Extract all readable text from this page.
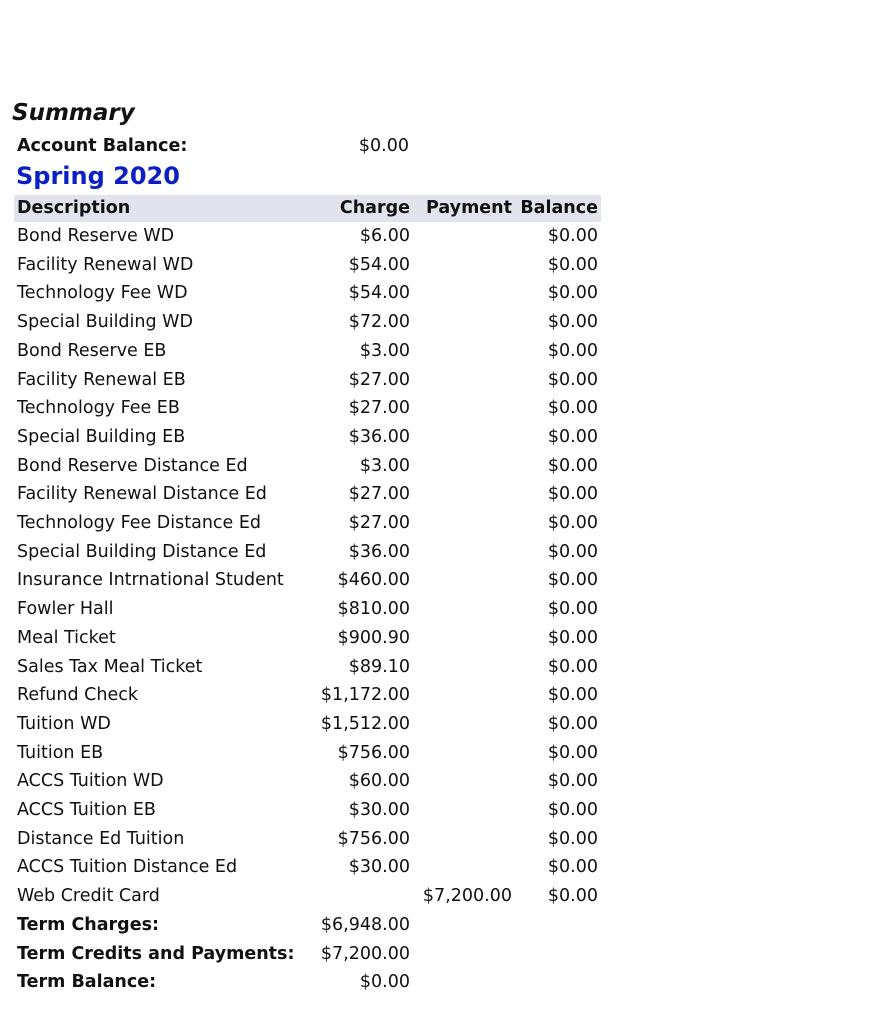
Summary
Account Balance:	$0.00
Spring 2020
Description	Charge	Payment	Balance
Bond Reserve WD	$6.00		$0.00
Facility Renewal WD	$54.00		$0.00
Technology Fee WD	$54.00		$0.00
Special Building WD	$72.00		$0.00
Bond Reserve EB	$3.00		$0.00
Facility Renewal EB	$27.00		$0.00
Technology Fee EB	$27.00		$0.00
Special Building EB	$36.00		$0.00
Bond Reserve Distance Ed	$3.00		$0.00
Facility Renewal Distance Ed	$27.00		$0.00
Technology Fee Distance Ed	$27.00		$0.00
Special Building Distance Ed	$36.00		$0.00
Insurance Intrnational Student	$460.00		$0.00
Fowler Hall	$810.00		$0.00
Meal Ticket	$900.90		$0.00
Sales Tax Meal Ticket	$89.10		$0.00
Refund Check	$1,172.00		$0.00
Tuition WD	$1,512.00		$0.00
Tuition EB	$756.00		$0.00
ACCS Tuition WD	$60.00		$0.00
ACCS Tuition EB	$30.00		$0.00
Distance Ed Tuition	$756.00		$0.00
ACCS Tuition Distance Ed	$30.00		$0.00
Web Credit Card		$7,200.00	$0.00
Term Charges:	$6,948.00		
Term Credits and Payments:	$7,200.00		
Term Balance:	$0.00		
